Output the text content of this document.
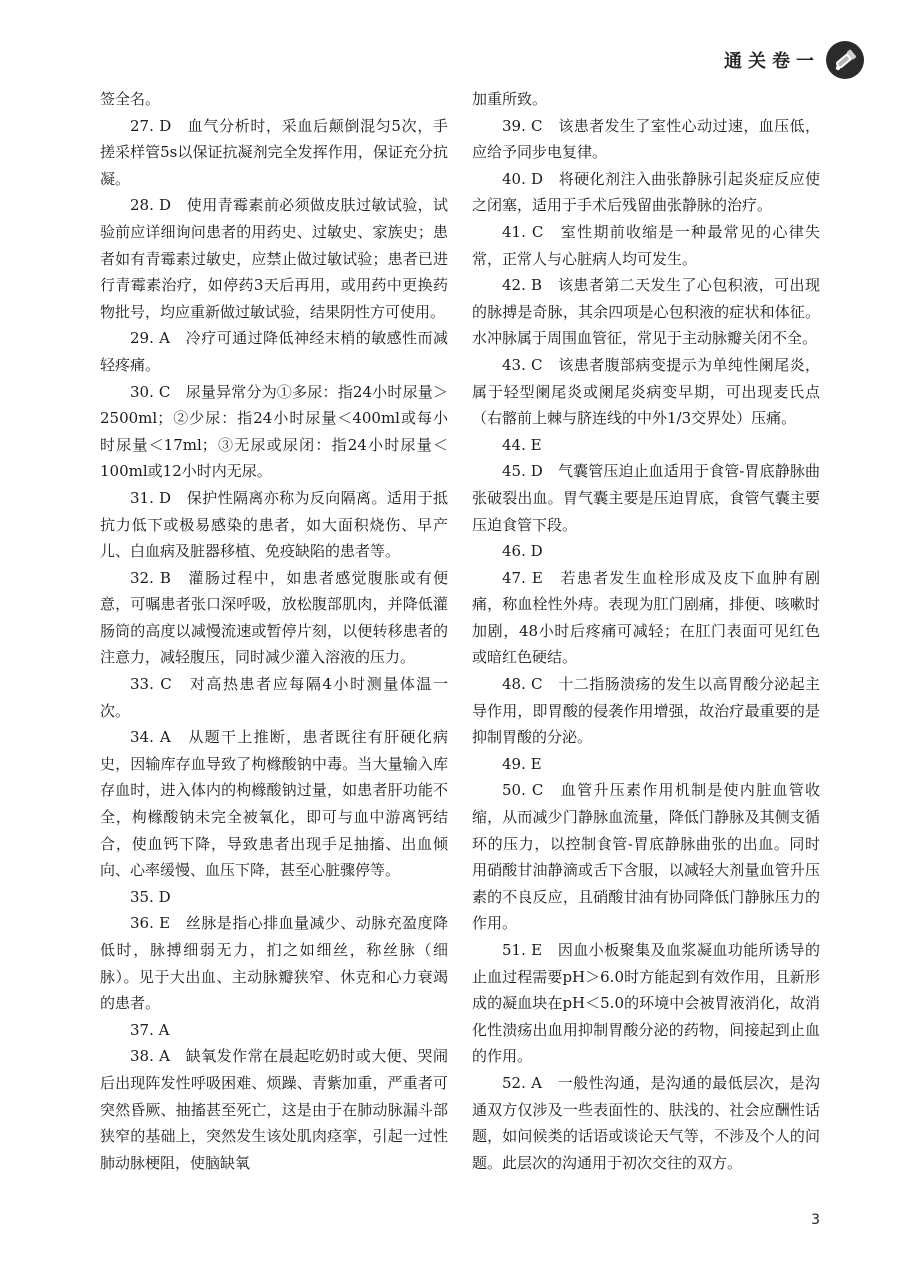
通关卷一

签全名。

27. D　血气分析时，采血后颠倒混匀5次，手搓采样管5s以保证抗凝剂完全发挥作用，保证充分抗凝。

28. D　使用青霉素前必须做皮肤过敏试验，试验前应详细询问患者的用药史、过敏史、家族史；患者如有青霉素过敏史，应禁止做过敏试验；患者已进行青霉素治疗，如停药3天后再用，或用药中更换药物批号，均应重新做过敏试验，结果阴性方可使用。

29. A　冷疗可通过降低神经末梢的敏感性而减轻疼痛。

30. C　尿量异常分为①多尿：指24小时尿量＞2500ml；②少尿：指24小时尿量＜400ml或每小时尿量＜17ml；③无尿或尿闭：指24小时尿量＜100ml或12小时内无尿。

31. D　保护性隔离亦称为反向隔离。适用于抵抗力低下或极易感染的患者，如大面积烧伤、早产儿、白血病及脏器移植、免疫缺陷的患者等。

32. B　灌肠过程中，如患者感觉腹胀或有便意，可嘱患者张口深呼吸，放松腹部肌肉，并降低灌肠筒的高度以减慢流速或暂停片刻，以便转移患者的注意力，减轻腹压，同时减少灌入溶液的压力。

33. C　对高热患者应每隔4小时测量体温一次。

34. A　从题干上推断，患者既往有肝硬化病史，因输库存血导致了枸橼酸钠中毒。当大量输入库存血时，进入体内的枸橼酸钠过量，如患者肝功能不全，枸橼酸钠未完全被氧化，即可与血中游离钙结合，使血钙下降，导致患者出现手足抽搐、出血倾向、心率缓慢、血压下降，甚至心脏骤停等。

35. D

36. E　丝脉是指心排血量减少、动脉充盈度降低时，脉搏细弱无力，扪之如细丝，称丝脉（细脉）。见于大出血、主动脉瓣狭窄、休克和心力衰竭的患者。

37. A

38. A　缺氧发作常在晨起吃奶时或大便、哭闹后出现阵发性呼吸困难、烦躁、青紫加重，严重者可突然昏厥、抽搐甚至死亡，这是由于在肺动脉漏斗部狭窄的基础上，突然发生该处肌肉痉挛，引起一过性肺动脉梗阻，使脑缺氧

加重所致。

39. C　该患者发生了室性心动过速，血压低，应给予同步电复律。

40. D　将硬化剂注入曲张静脉引起炎症反应使之闭塞，适用于手术后残留曲张静脉的治疗。

41. C　室性期前收缩是一种最常见的心律失常，正常人与心脏病人均可发生。

42. B　该患者第二天发生了心包积液，可出现的脉搏是奇脉，其余四项是心包积液的症状和体征。水冲脉属于周围血管征，常见于主动脉瓣关闭不全。

43. C　该患者腹部病变提示为单纯性阑尾炎，属于轻型阑尾炎或阑尾炎病变早期，可出现麦氏点（右髂前上棘与脐连线的中外1/3交界处）压痛。

44. E

45. D　气囊管压迫止血适用于食管-胃底静脉曲张破裂出血。胃气囊主要是压迫胃底，食管气囊主要压迫食管下段。

46. D

47. E　若患者发生血栓形成及皮下血肿有剧痛，称血栓性外痔。表现为肛门剧痛，排便、咳嗽时加剧，48小时后疼痛可减轻；在肛门表面可见红色或暗红色硬结。

48. C　十二指肠溃疡的发生以高胃酸分泌起主导作用，即胃酸的侵袭作用增强，故治疗最重要的是抑制胃酸的分泌。

49. E

50. C　血管升压素作用机制是使内脏血管收缩，从而减少门静脉血流量，降低门静脉及其侧支循环的压力，以控制食管-胃底静脉曲张的出血。同时用硝酸甘油静滴或舌下含服，以减轻大剂量血管升压素的不良反应，且硝酸甘油有协同降低门静脉压力的作用。

51. E　因血小板聚集及血浆凝血功能所诱导的止血过程需要pH＞6.0时方能起到有效作用，且新形成的凝血块在pH＜5.0的环境中会被胃液消化，故消化性溃疡出血用抑制胃酸分泌的药物，间接起到止血的作用。

52. A　一般性沟通，是沟通的最低层次，是沟通双方仅涉及一些表面性的、肤浅的、社会应酬性话题，如问候类的话语或谈论天气等，不涉及个人的问题。此层次的沟通用于初次交往的双方。

3
